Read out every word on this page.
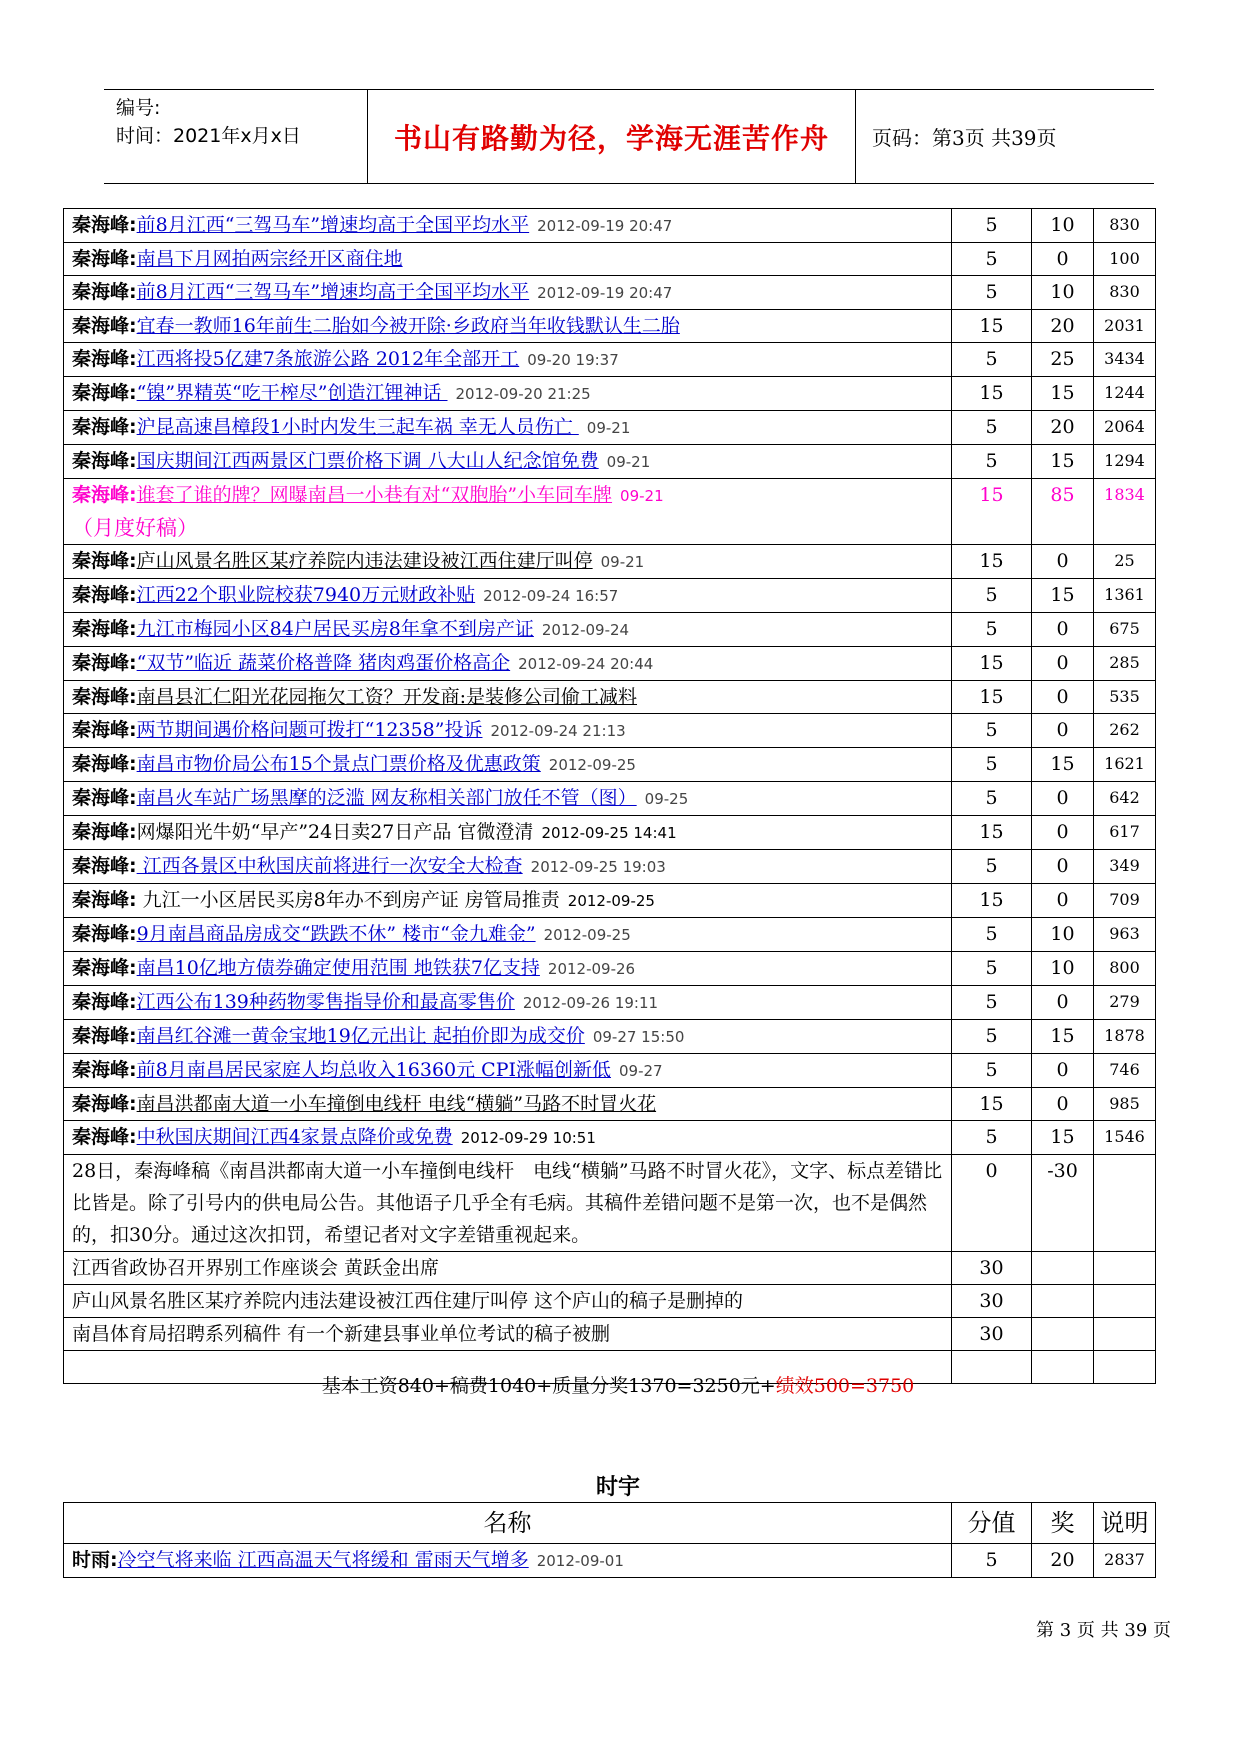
编号:
时间：2021年x月x日	书山有路勤为径，学海无涯苦作舟	页码：第3页 共39页
秦海峰:前8月江西“三驾马车”增速均高于全国平均水平 2012-09-19 20:47	5	10	830
秦海峰:南昌下月网拍两宗经开区商住地	5	0	100
秦海峰:前8月江西“三驾马车”增速均高于全国平均水平 2012-09-19 20:47	5	10	830
秦海峰:宜春一教师16年前生二胎如今被开除·乡政府当年收钱默认生二胎	15	20	2031
秦海峰:江西将投5亿建7条旅游公路 2012年全部开工 09-20 19:37	5	25	3434
秦海峰:“镍”界精英“吃干榨尽”创造江锂神话 2012-09-20 21:25	15	15	1244
秦海峰:沪昆高速昌樟段1小时内发生三起车祸 幸无人员伤亡 09-21	5	20	2064
秦海峰:国庆期间江西两景区门票价格下调 八大山人纪念馆免费 09-21	5	15	1294
秦海峰:谁套了谁的牌？网曝南昌一小巷有对“双胞胎”小车同车牌 09-21
（月度好稿）	15	85	1834
秦海峰:庐山风景名胜区某疗养院内违法建设被江西住建厅叫停 09-21	15	0	25
秦海峰:江西22个职业院校获7940万元财政补贴 2012-09-24 16:57	5	15	1361
秦海峰:九江市梅园小区84户居民买房8年拿不到房产证 2012-09-24	5	0	675
秦海峰:“双节”临近 蔬菜价格普降 猪肉鸡蛋价格高企 2012-09-24 20:44	15	0	285
秦海峰:南昌县汇仁阳光花园拖欠工资？开发商:是装修公司偷工减料	15	0	535
秦海峰:两节期间遇价格问题可拨打“12358”投诉 2012-09-24 21:13	5	0	262
秦海峰:南昌市物价局公布15个景点门票价格及优惠政策 2012-09-25	5	15	1621
秦海峰:南昌火车站广场黑摩的泛滥 网友称相关部门放任不管（图） 09-25	5	0	642
秦海峰:网爆阳光牛奶“早产”24日卖27日产品 官微澄清 2012-09-25 14:41	15	0	617
秦海峰: 江西各景区中秋国庆前将进行一次安全大检查 2012-09-25 19:03	5	0	349
秦海峰: 九江一小区居民买房8年办不到房产证 房管局推责 2012-09-25	15	0	709
秦海峰:9月南昌商品房成交“跌跌不休” 楼市“金九难金” 2012-09-25	5	10	963
秦海峰:南昌10亿地方债券确定使用范围 地铁获7亿支持 2012-09-26	5	10	800
秦海峰:江西公布139种药物零售指导价和最高零售价 2012-09-26 19:11	5	0	279
秦海峰:南昌红谷滩一黄金宝地19亿元出让 起拍价即为成交价 09-27 15:50	5	15	1878
秦海峰:前8月南昌居民家庭人均总收入16360元 CPI涨幅创新低 09-27	5	0	746
秦海峰:南昌洪都南大道一小车撞倒电线杆 电线“横躺”马路不时冒火花	15	0	985
秦海峰:中秋国庆期间江西4家景点降价或免费 2012-09-29 10:51	5	15	1546
28日，秦海峰稿《南昌洪都南大道一小车撞倒电线杆　电线“横躺”马路不时冒火花》，文字、标点差错比比皆是。除了引号内的供电局公告。其他语子几乎全有毛病。其稿件差错问题不是第一次，也不是偶然的，扣30分。通过这次扣罚，希望记者对文字差错重视起来。	0	-30	
江西省政协召开界别工作座谈会 黄跃金出席	30		
庐山风景名胜区某疗养院内违法建设被江西住建厅叫停 这个庐山的稿子是删掉的	30		
南昌体育局招聘系列稿件 有一个新建县事业单位考试的稿子被删	30		

基本工资840+稿费1040+质量分奖1370=3250元+绩效500=3750
时宇
名称	分值	奖	说明
时雨:冷空气将来临 江西高温天气将缓和 雷雨天气增多 2012-09-01	5	20	2837
第 3 页 共 39 页
